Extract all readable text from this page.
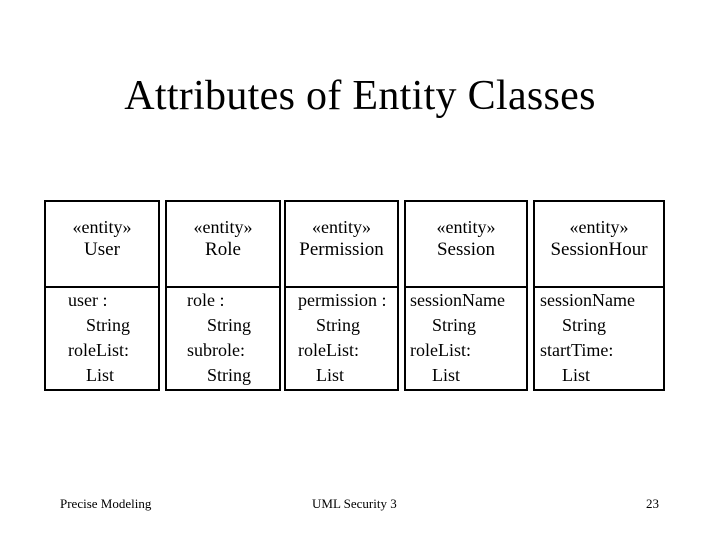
Attributes of Entity Classes
«entity»
User
user :
String
roleList:
List
«entity»
Role
role :
String
subrole:
String
«entity»
Permission
permission :
String
roleList:
List
«entity»
Session
sessionName
String
roleList:
List
«entity»
SessionHour
sessionName
String
startTime:
List
Precise Modeling	UML Security 3	23
